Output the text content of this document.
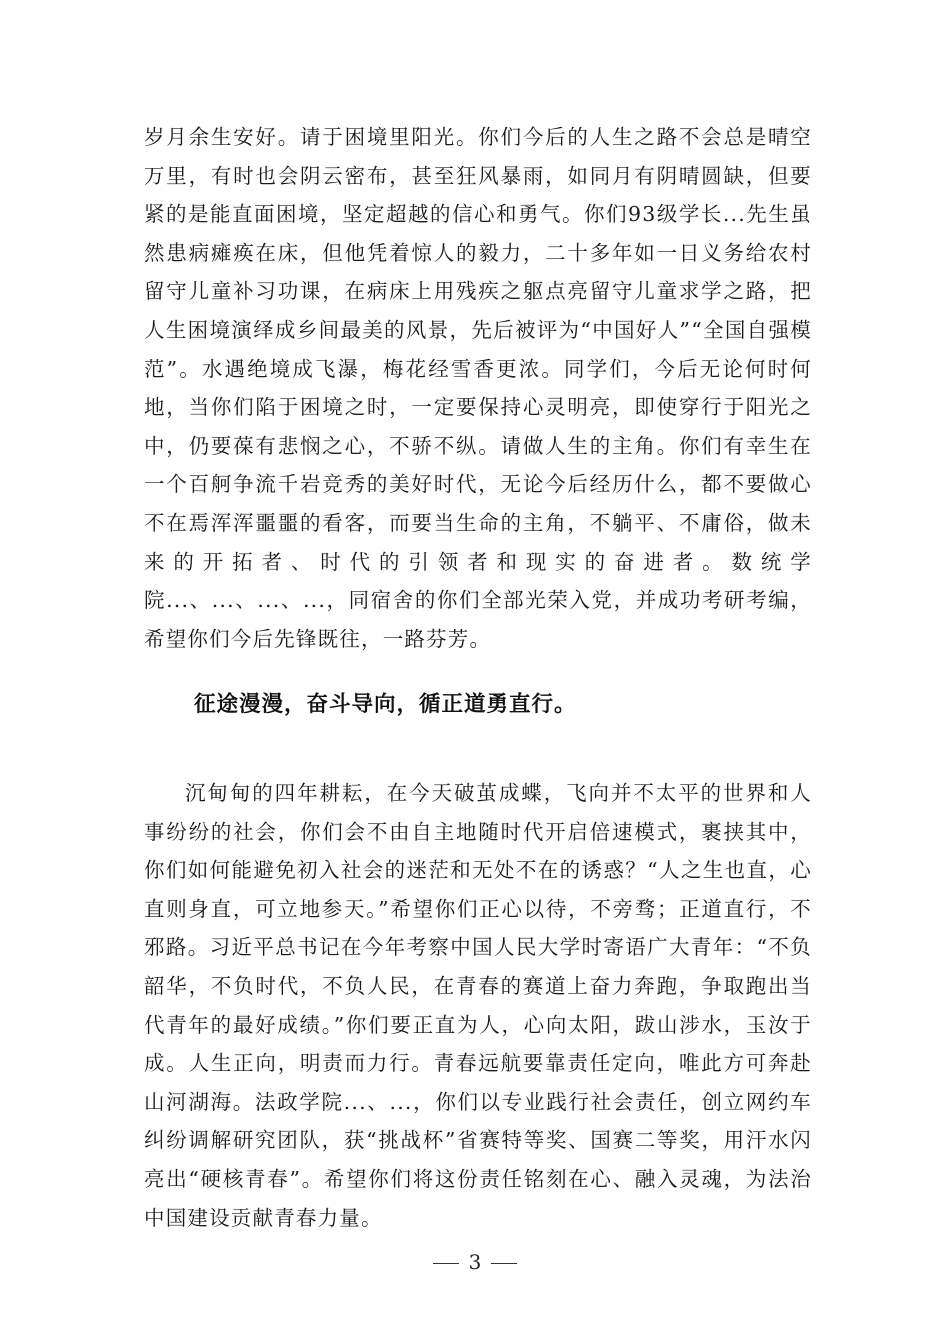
岁月余生安好。请于困境里阳光。你们今后的人生之路不会总是晴空万里，有时也会阴云密布，甚至狂风暴雨，如同月有阴晴圆缺，但要紧的是能直面困境，坚定超越的信心和勇气。你们93级学长...先生虽然患病瘫痪在床，但他凭着惊人的毅力，二十多年如一日义务给农村留守儿童补习功课，在病床上用残疾之躯点亮留守儿童求学之路，把人生困境演绎成乡间最美的风景，先后被评为“中国好人”“全国自强模范”。水遇绝境成飞瀑，梅花经雪香更浓。同学们，今后无论何时何地，当你们陷于困境之时，一定要保持心灵明亮，即使穿行于阳光之中，仍要葆有悲悯之心，不骄不纵。请做人生的主角。你们有幸生在一个百舸争流千岩竞秀的美好时代，无论今后经历什么，都不要做心不在焉浑浑噩噩的看客，而要当生命的主角，不躺平、不庸俗，做未来的开拓者、时代的引领者和现实的奋进者。数统学院...、...、...、...，同宿舍的你们全部光荣入党，并成功考研考编，希望你们今后先锋既往，一路芬芳。

征途漫漫，奋斗导向，循正道勇直行。

沉甸甸的四年耕耘，在今天破茧成蝶，飞向并不太平的世界和人事纷纷的社会，你们会不由自主地随时代开启倍速模式，裹挟其中，你们如何能避免初入社会的迷茫和无处不在的诱惑？“人之生也直，心直则身直，可立地参天。”希望你们正心以待，不旁骛；正道直行，不邪路。习近平总书记在今年考察中国人民大学时寄语广大青年：“不负韶华，不负时代，不负人民，在青春的赛道上奋力奔跑，争取跑出当代青年的最好成绩。”你们要正直为人，心向太阳，跋山涉水，玉汝于成。人生正向，明责而力行。青春远航要靠责任定向，唯此方可奔赴山河湖海。法政学院...、...，你们以专业践行社会责任，创立网约车纠纷调解研究团队，获“挑战杯”省赛特等奖、国赛二等奖，用汗水闪亮出“硬核青春”。希望你们将这份责任铭刻在心、融入灵魂，为法治中国建设贡献青春力量。

3
